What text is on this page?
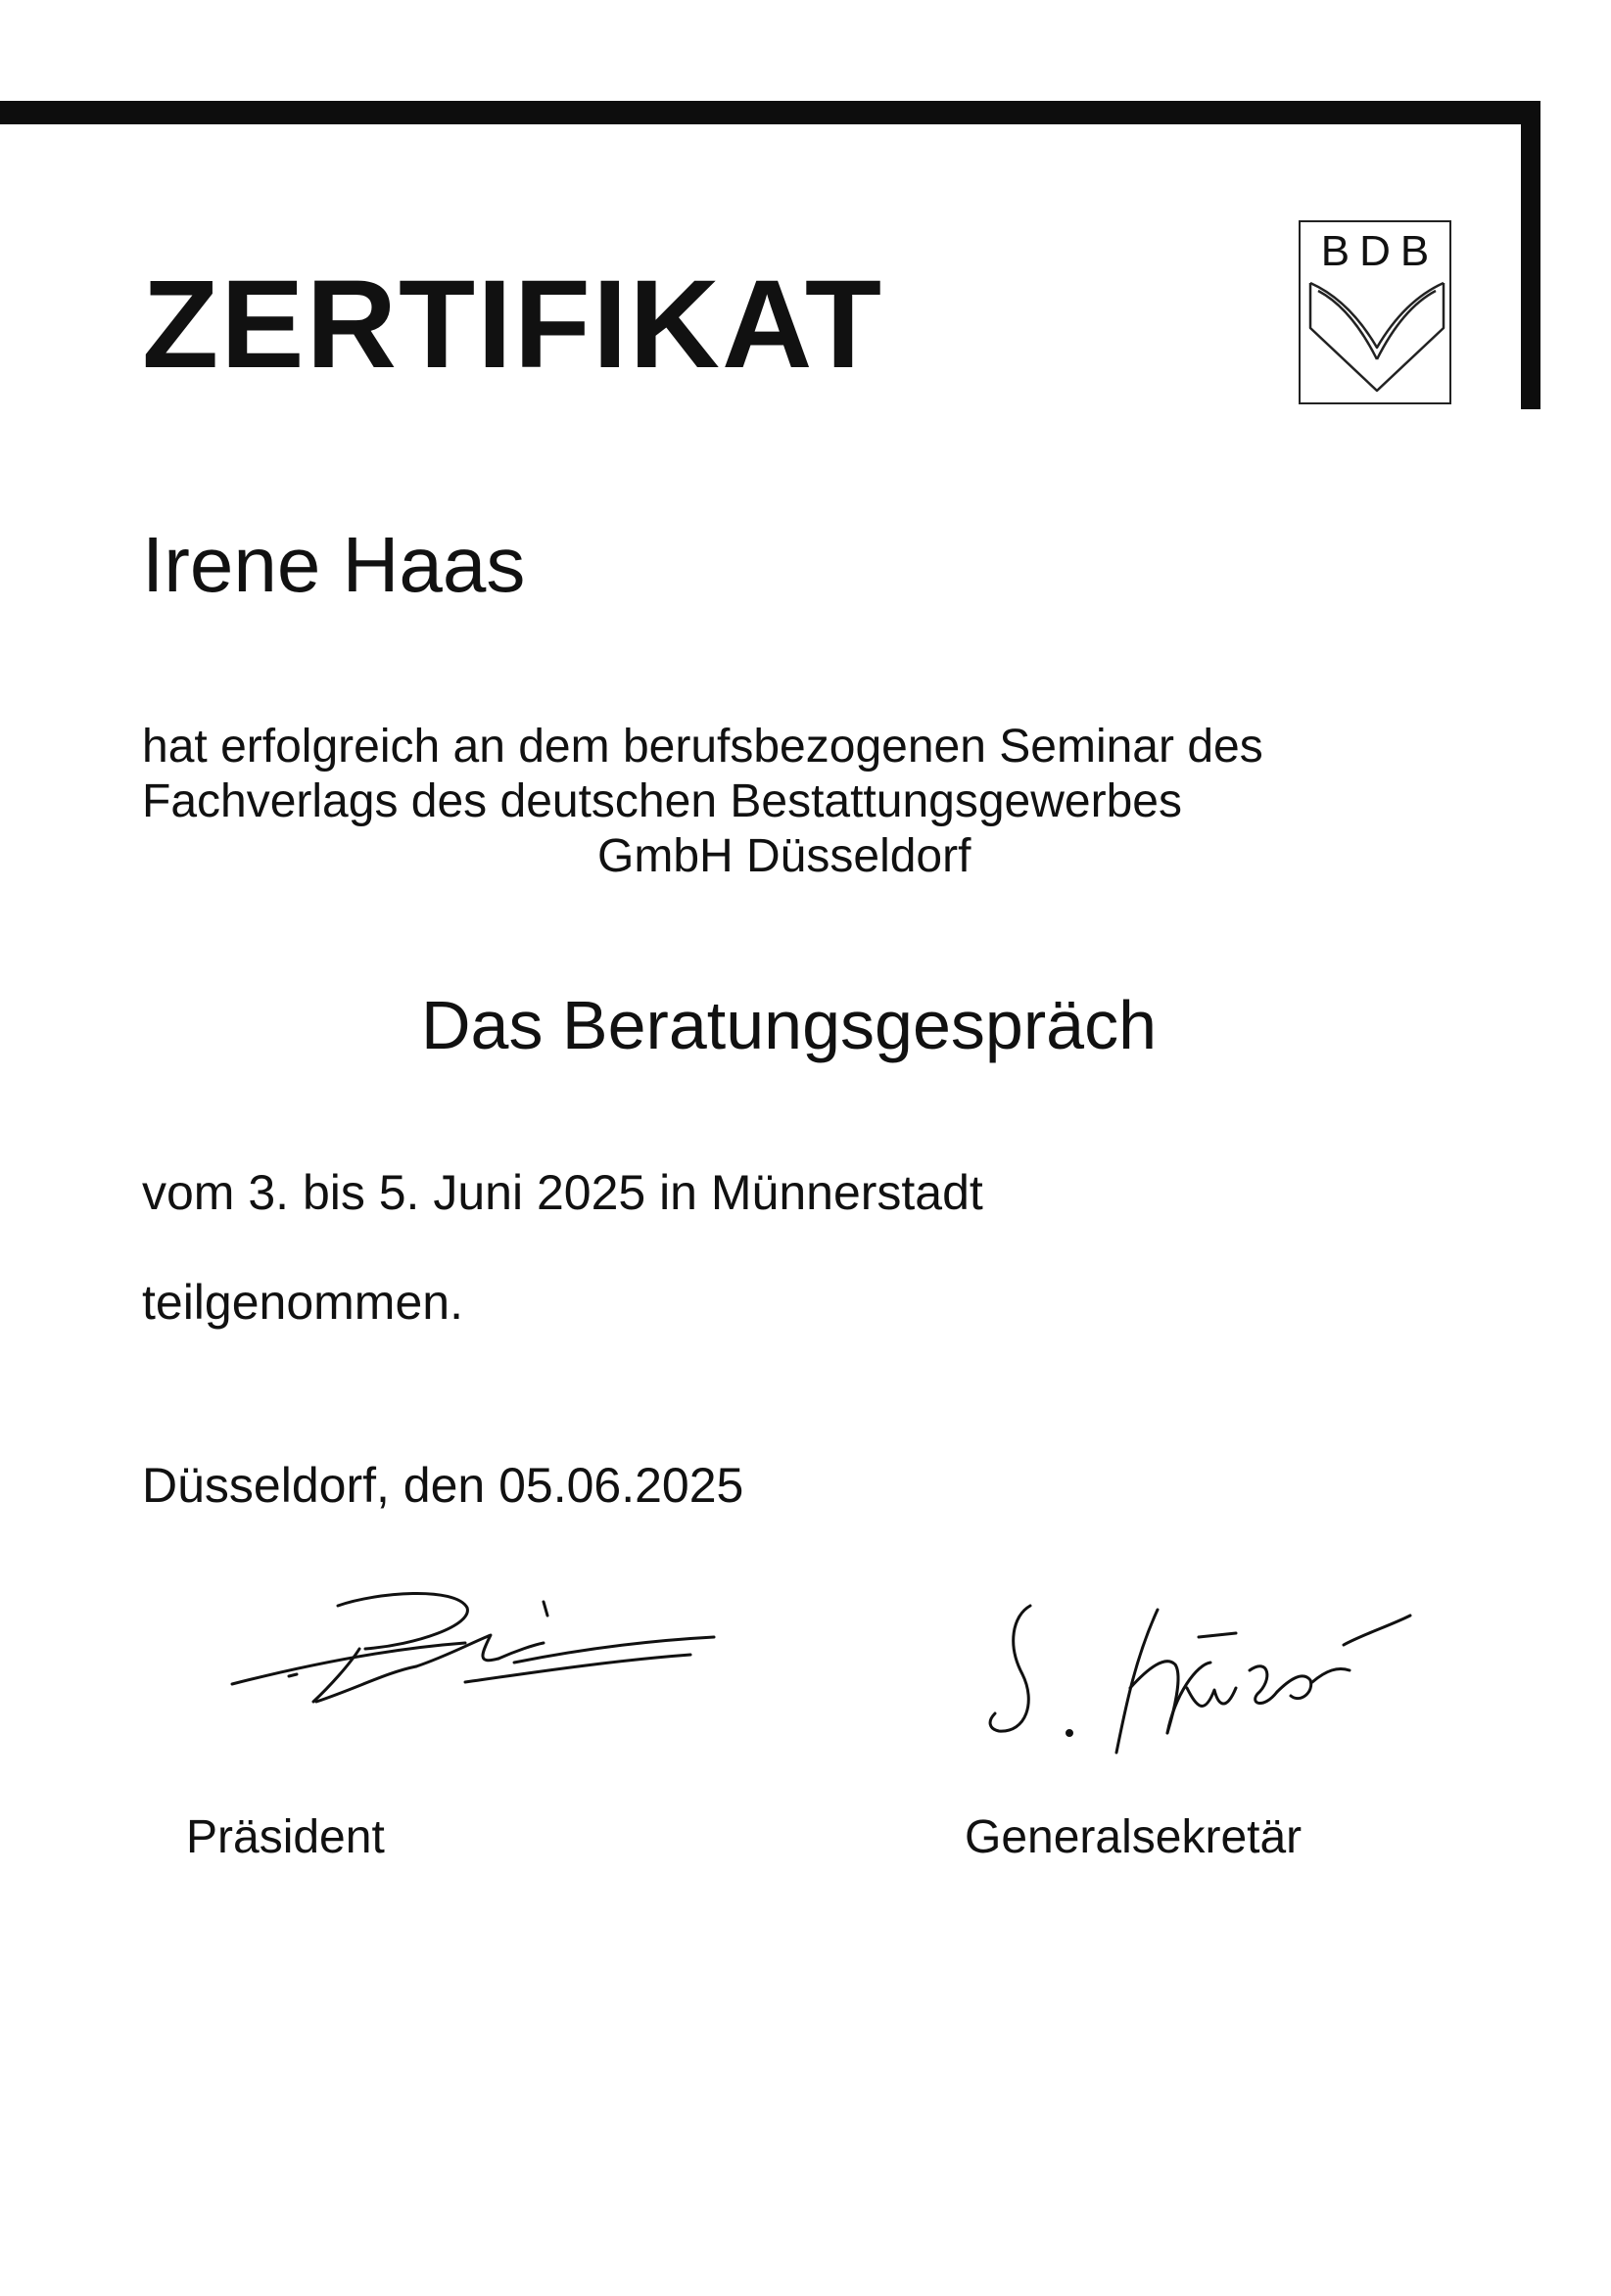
ZERTIFIKAT
BDB
Irene Haas
hat erfolgreich an dem berufsbezogenen Seminar des
Fachverlags des deutschen Bestattungsgewerbes
GmbH Düsseldorf
Das Beratungsgespräch
vom 3. bis 5. Juni 2025 in Münnerstadt
teilgenommen.
Düsseldorf, den 05.06.2025
Präsident	Generalsekretär
